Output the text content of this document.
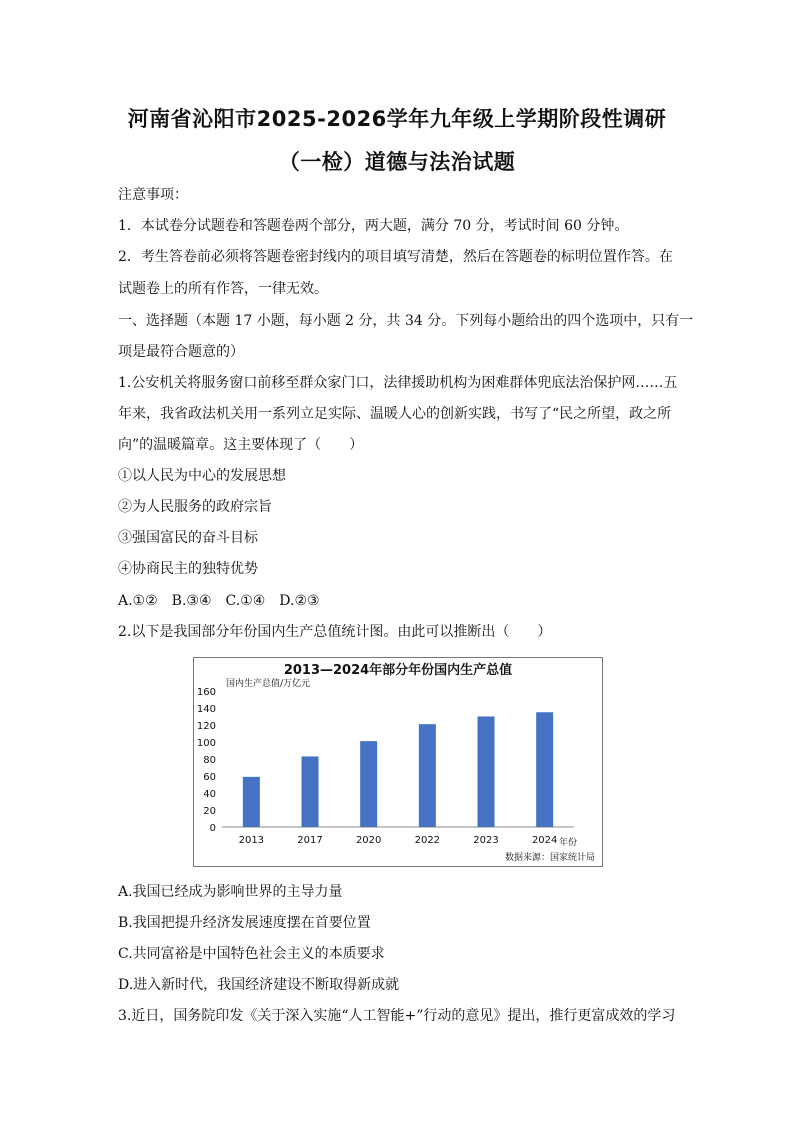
河南省沁阳市2025-2026学年九年级上学期阶段性调研
（一检）道德与法治试题
注意事项：
1．本试卷分试题卷和答题卷两个部分，两大题，满分 70 分，考试时间 60 分钟。
2．考生答卷前必须将答题卷密封线内的项目填写清楚，然后在答题卷的标明位置作答。在
试题卷上的所有作答，一律无效。
一、选择题（本题 17 小题，每小题 2 分，共 34 分。下列每小题给出的四个选项中，只有一
项是最符合题意的）
1.公安机关将服务窗口前移至群众家门口，法律援助机构为困难群体兜底法治保护网……五
年来，我省政法机关用一系列立足实际、温暖人心的创新实践，书写了“民之所望，政之所
向”的温暖篇章。这主要体现了（　　）
①以人民为中心的发展思想
②为人民服务的政府宗旨
③强国富民的奋斗目标
④协商民主的独特优势
A.①②　B.③④　C.①④　D.②③
2.以下是我国部分年份国内生产总值统计图。由此可以推断出（　　）
2013—2024年部分年份国内生产总值
国内生产总值/万亿元
年份
数据来源：国家统计局
0
20
40
60
80
100
120
140
160
2013	2017	2020	2022	2023	2024
A.我国已经成为影响世界的主导力量
B.我国把提升经济发展速度摆在首要位置
C.共同富裕是中国特色社会主义的本质要求
D.进入新时代，我国经济建设不断取得新成就
3.近日，国务院印发《关于深入实施“人工智能+”行动的意见》提出，推行更富成效的学习
